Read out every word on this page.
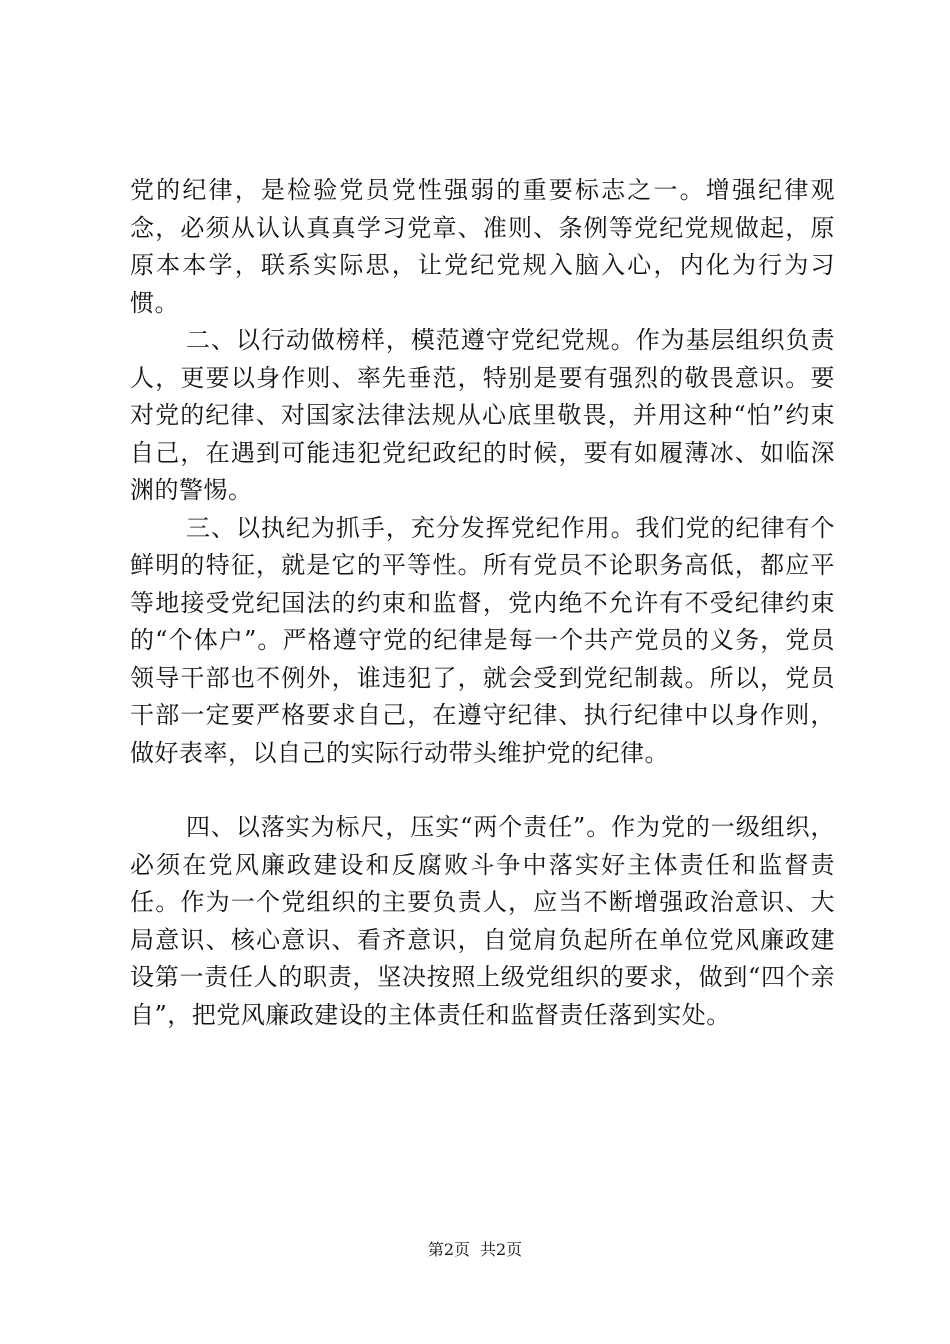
党的纪律，是检验党员党性强弱的重要标志之一。增强纪律观念，必须从认认真真学习党章、准则、条例等党纪党规做起，原原本本学，联系实际思，让党纪党规入脑入心，内化为行为习惯。

二、以行动做榜样，模范遵守党纪党规。作为基层组织负责人，更要以身作则、率先垂范，特别是要有强烈的敬畏意识。要对党的纪律、对国家法律法规从心底里敬畏，并用这种“怕”约束自己，在遇到可能违犯党纪政纪的时候，要有如履薄冰、如临深渊的警惕。

三、以执纪为抓手，充分发挥党纪作用。我们党的纪律有个鲜明的特征，就是它的平等性。所有党员不论职务高低，都应平等地接受党纪国法的约束和监督，党内绝不允许有不受纪律约束的“个体户”。严格遵守党的纪律是每一个共产党员的义务，党员领导干部也不例外，谁违犯了，就会受到党纪制裁。所以，党员干部一定要严格要求自己，在遵守纪律、执行纪律中以身作则，做好表率，以自己的实际行动带头维护党的纪律。

四、以落实为标尺，压实“两个责任”。作为党的一级组织，必须在党风廉政建设和反腐败斗争中落实好主体责任和监督责任。作为一个党组织的主要负责人，应当不断增强政治意识、大局意识、核心意识、看齐意识，自觉肩负起所在单位党风廉政建设第一责任人的职责，坚决按照上级党组织的要求，做到“四个亲自”，把党风廉政建设的主体责任和监督责任落到实处。

第2页 共2页
